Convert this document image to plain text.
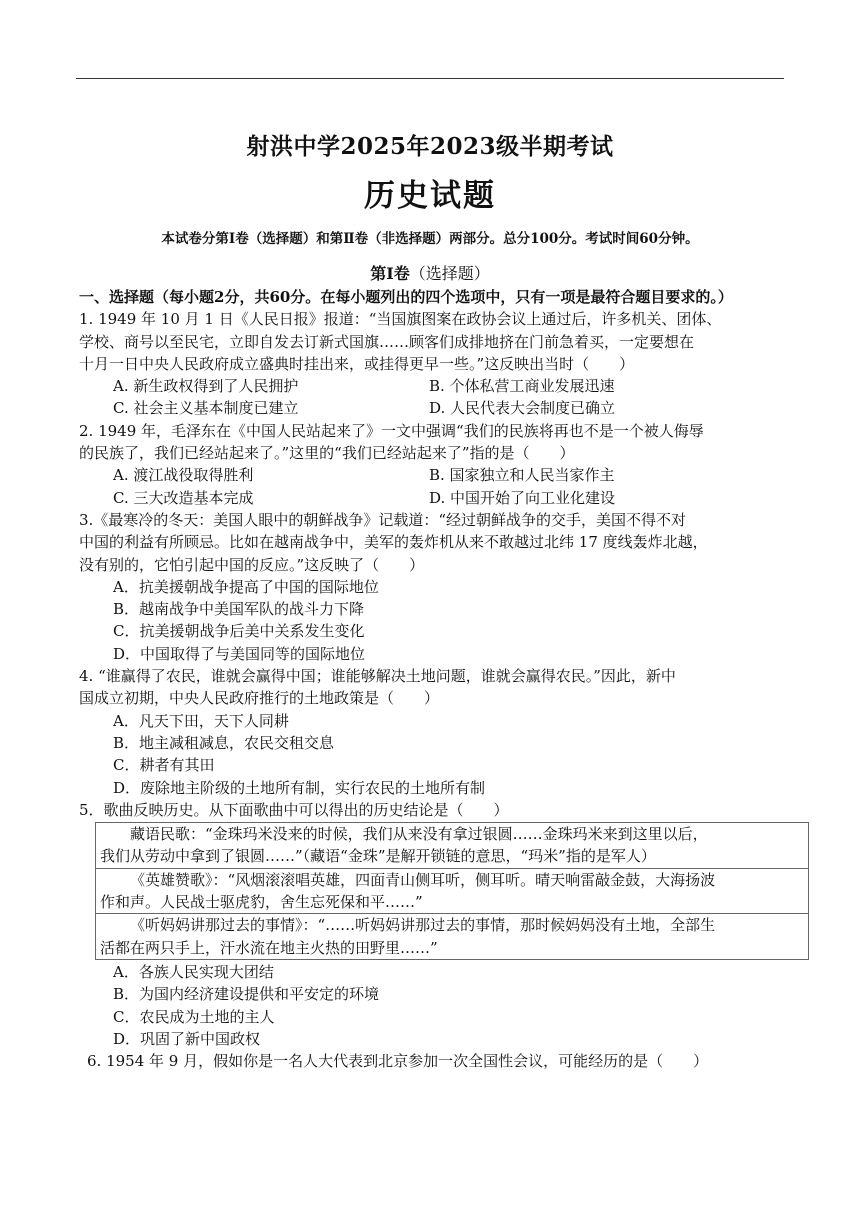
射洪中学2025年2023级半期考试
历史试题
本试卷分第Ⅰ卷（选择题）和第Ⅱ卷（非选择题）两部分。总分100分。考试时间60分钟。
第Ⅰ卷（选择题）
一、选择题（每小题2分，共60分。在每小题列出的四个选项中，只有一项是最符合题目要求的。）
1. 1949 年 10 月 1 日《人民日报》报道：“当国旗图案在政协会议上通过后，许多机关、团体、
学校、商号以至民宅，立即自发去订新式国旗……顾客们成排地挤在门前急着买，一定要想在
十月一日中央人民政府成立盛典时挂出来，或挂得更早一些。”这反映出当时（　　）
A. 新生政权得到了人民拥护	B. 个体私营工商业发展迅速
C. 社会主义基本制度已建立	D. 人民代表大会制度已确立
2. 1949 年，毛泽东在《中国人民站起来了》一文中强调“我们的民族将再也不是一个被人侮辱
的民族了，我们已经站起来了。”这里的“我们已经站起来了”指的是（　　）
A. 渡江战役取得胜利	B. 国家独立和人民当家作主
C. 三大改造基本完成	D. 中国开始了向工业化建设
3.《最寒冷的冬天：美国人眼中的朝鲜战争》记载道：“经过朝鲜战争的交手，美国不得不对
中国的利益有所顾忌。比如在越南战争中，美军的轰炸机从来不敢越过北纬 17 度线轰炸北越，
没有别的，它怕引起中国的反应。”这反映了（　　）
A．抗美援朝战争提高了中国的国际地位
B．越南战争中美国军队的战斗力下降
C．抗美援朝战争后美中关系发生变化
D．中国取得了与美国同等的国际地位
4. “谁赢得了农民，谁就会赢得中国；谁能够解决土地问题，谁就会赢得农民。”因此，新中
国成立初期，中央人民政府推行的土地政策是（　　）
A．凡天下田，天下人同耕
B．地主减租减息，农民交租交息
C．耕者有其田
D．废除地主阶级的土地所有制，实行农民的土地所有制
5．歌曲反映历史。从下面歌曲中可以得出的历史结论是（　　）
藏语民歌：“金珠玛米没来的时候，我们从来没有拿过银圆……金珠玛米来到这里以后，
我们从劳动中拿到了银圆……”（藏语“金珠”是解开锁链的意思，“玛米”指的是军人）

《英雄赞歌》：“风烟滚滚唱英雄，四面青山侧耳听，侧耳听。晴天响雷敲金鼓，大海扬波
作和声。人民战士驱虎豹，舍生忘死保和平……”

《听妈妈讲那过去的事情》：“……听妈妈讲那过去的事情，那时候妈妈没有土地，全部生
活都在两只手上，汗水流在地主火热的田野里……”
A．各族人民实现大团结
B．为国内经济建设提供和平安定的环境
C．农民成为土地的主人
D．巩固了新中国政权
6. 1954 年 9 月，假如你是一名人大代表到北京参加一次全国性会议，可能经历的是（　　）
